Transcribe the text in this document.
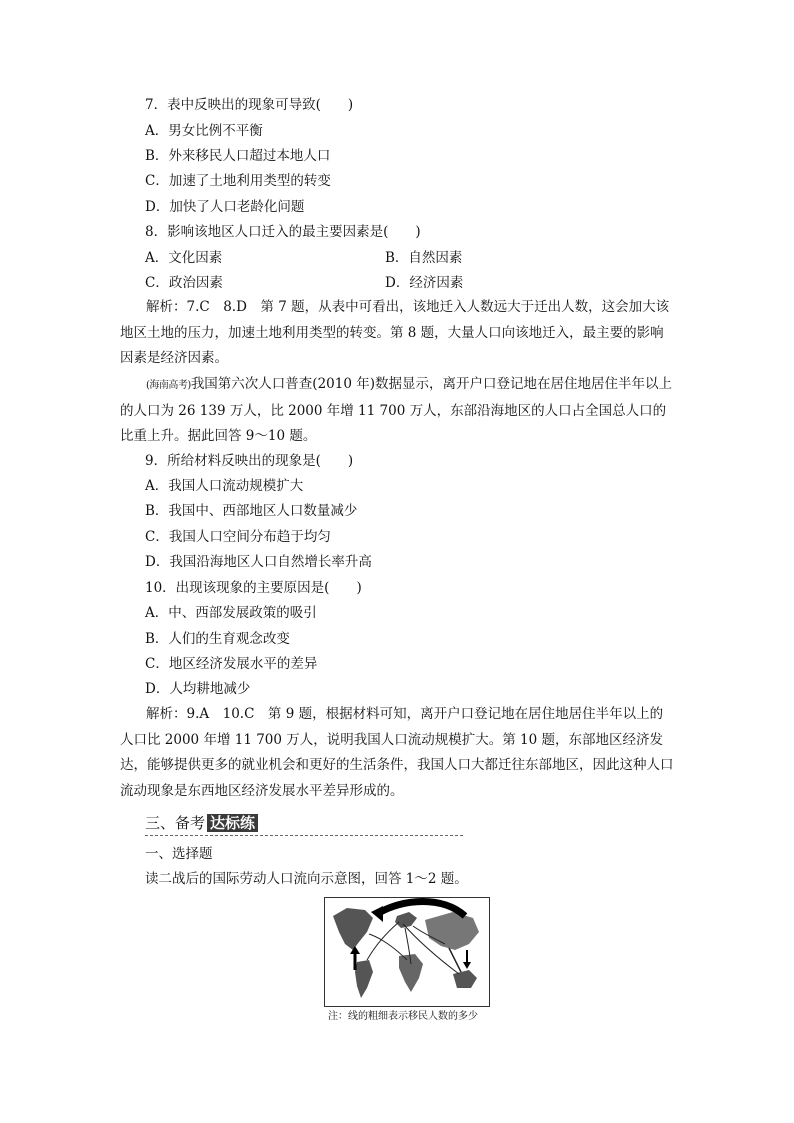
7．表中反映出的现象可导致(　　)
A．男女比例不平衡
B．外来移民人口超过本地人口
C．加速了土地利用类型的转变
D．加快了人口老龄化问题
8．影响该地区人口迁入的最主要因素是(　　)
A．文化因素	B．自然因素
C．政治因素	D．经济因素
解析：7.C　8.D　第 7 题，从表中可看出，该地迁入人数远大于迁出人数，这会加大该地区土地的压力，加速土地利用类型的转变。第 8 题，大量人口向该地迁入，最主要的影响因素是经济因素。
(海南高考)我国第六次人口普查(2010 年)数据显示，离开户口登记地在居住地居住半年以上的人口为 26 139 万人，比 2000 年增 11 700 万人，东部沿海地区的人口占全国总人口的比重上升。据此回答 9～10 题。
9．所给材料反映出的现象是(　　)
A．我国人口流动规模扩大
B．我国中、西部地区人口数量减少
C．我国人口空间分布趋于均匀
D．我国沿海地区人口自然增长率升高
10．出现该现象的主要原因是(　　)
A．中、西部发展政策的吸引
B．人们的生育观念改变
C．地区经济发展水平的差异
D．人均耕地减少
解析：9.A　10.C　第 9 题，根据材料可知，离开户口登记地在居住地居住半年以上的人口比 2000 年增 11 700 万人，说明我国人口流动规模扩大。第 10 题，东部地区经济发达，能够提供更多的就业机会和更好的生活条件，我国人口大都迁往东部地区，因此这种人口流动现象是东西地区经济发展水平差异形成的。
三、备考 达标练
一、选择题
读二战后的国际劳动人口流向示意图，回答 1～2 题。
注：线的粗细表示移民人数的多少
